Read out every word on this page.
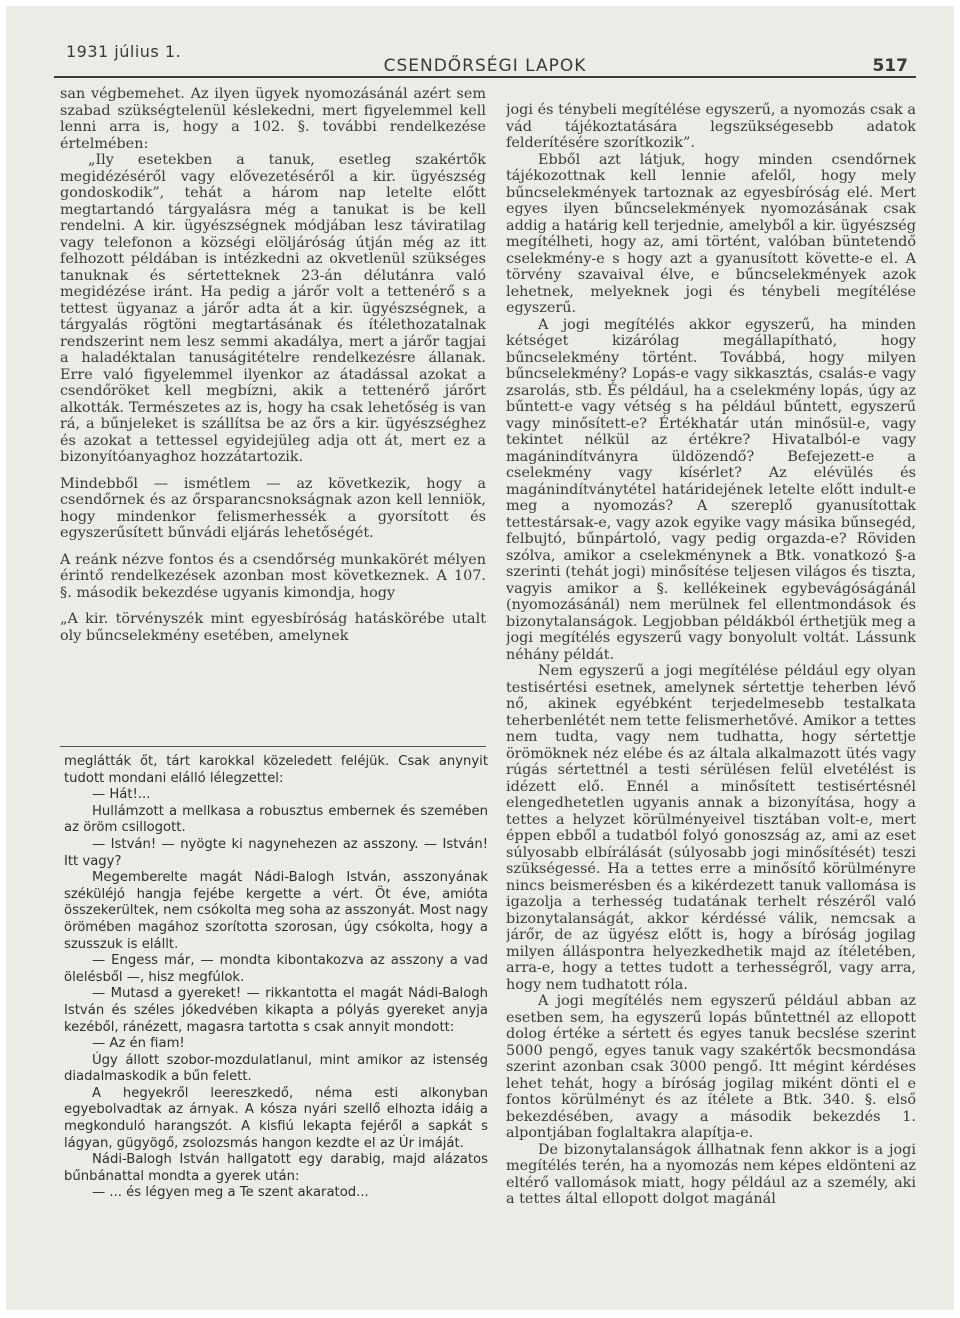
1931 július 1.
CSENDŐRSÉGI LAPOK	517

san végbemehet. Az ilyen ügyek nyomozásánál azért sem szabad szükségtelenül késlekedni, mert figyelemmel kell lenni arra is, hogy a 102. §. további rendelkezése értelmében:

„Ily esetekben a tanuk, esetleg szakértők megidézéséről vagy elővezetéséről a kir. ügyészség gondoskodik”, tehát a három nap letelte előtt megtartandó tárgyalásra még a tanukat is be kell rendelni. A kir. ügyészségnek módjában lesz táviratilag vagy telefonon a községi elöljáróság útján még az itt felhozott példában is intézkedni az okvetlenül szükséges tanuknak és sértetteknek 23-án délutánra való megidézése iránt. Ha pedig a járőr volt a tettenérő s a tettest ügyanaz a járőr adta át a kir. ügyészségnek, a tárgyalás rögtöni megtartásának és ítélethozatalnak rendszerint nem lesz semmi akadálya, mert a járőr tagjai a haladéktalan tanuságitételre rendelkezésre állanak. Erre való figyelemmel ilyenkor az átadással azokat a csendőröket kell megbízni, akik a tettenérő járőrt alkották. Természetes az is, hogy ha csak lehetőség is van rá, a bűnjeleket is szállítsa be az őrs a kir. ügyészséghez és azokat a tettessel egyidejüleg adja ott át, mert ez a bizonyítóanyaghoz hozzátartozik.

Mindebből — ismétlem — az következik, hogy a csendőrnek és az őrsparancsnokságnak azon kell lenniök, hogy mindenkor felismerhessék a gyorsított és egyszerűsített bűnvádi eljárás lehetőségét.

A reánk nézve fontos és a csendőrség munkakörét mélyen érintő rendelkezések azonban most következnek. A 107. §. második bekezdése ugyanis kimondja, hogy

„A kir. törvényszék mint egyesbíróság hatáskörébe utalt oly bűncselekmény esetében, amelynek

meglátták őt, tárt karokkal közeledett feléjük. Csak anynyit tudott mondani elálló lélegzettel:

— Hát!...

Hullámzott a mellkasa a robusztus embernek és szemében az öröm csillogott.

— István! — nyögte ki nagynehezen az asszony. — István! Itt vagy?

Megemberelte magát Nádi-Balogh István, asszonyának széküléjó hangja fejébe kergette a vért. Öt éve, amióta összekerültek, nem csókolta meg soha az asszonyát. Most nagy örömében magához szorította szorosan, úgy csókolta, hogy a szusszuk is elállt.

— Engess már, — mondta kibontakozva az asszony a vad ölelésből —, hisz megfúlok.

— Mutasd a gyereket! — rikkantotta el magát Nádi-Balogh István és széles jókedvében kikapta a pólyás gyereket anyja kezéből, ránézett, magasra tartotta s csak annyit mondott:

— Az én fiam!

Úgy állott szobor-mozdulatlanul, mint amikor az istenség diadalmaskodik a bűn felett.

A hegyekről leereszkedő, néma esti alkonyban egyebolvadtak az árnyak. A kósza nyári szellő elhozta idáig a megkonduló harangszót. A kisfiú lekapta fejéről a sapkát s lágyan, gügyögő, zsolozsmás hangon kezdte el az Úr imáját.

Nádi-Balogh István hallgatott egy darabig, majd alázatos bűnbánattal mondta a gyerek után:

— ... és légyen meg a Te szent akaratod...

jogi és ténybeli megítélése egyszerű, a nyomozás csak a vád tájékoztatására legszükségesebb adatok felderítésére szorítkozik”.

Ebből azt látjuk, hogy minden csendőrnek tájékozottnak kell lennie afelől, hogy mely bűncselekmények tartoznak az egyesbíróság elé. Mert egyes ilyen bűncselekmények nyomozásának csak addig a határig kell terjednie, amelyből a kir. ügyészség megítélheti, hogy az, ami történt, valóban büntetendő cselekmény-e s hogy azt a gyanusított követte-e el. A törvény szavaival élve, e bűncselekmények azok lehetnek, melyeknek jogi és ténybeli megítélése egyszerű.

A jogi megítélés akkor egyszerű, ha minden kétséget kizárólag megállapítható, hogy bűncselekmény történt. Továbbá, hogy milyen bűncselekmény? Lopás-e vagy sikkasztás, csalás-e vagy zsarolás, stb. És például, ha a cselekmény lopás, úgy az bűntett-e vagy vétség s ha például bűntett, egyszerű vagy minősített-e? Értékhatár után minősül-e, vagy tekintet nélkül az értékre? Hivatalból-e vagy magánindítványra üldözendő? Befejezett-e a cselekmény vagy kísérlet? Az elévülés és magánindítványtétel határidejének letelte előtt indult-e meg a nyomozás? A szereplő gyanusítottak tettestársak-e, vagy azok egyike vagy másika bűnsegéd, felbujtó, bűnpártoló, vagy pedig orgazda-e? Röviden szólva, amikor a cselekménynek a Btk. vonatkozó §-a szerinti (tehát jogi) minősítése teljesen világos és tiszta, vagyis amikor a §. kellékeinek egybevágóságánál (nyomozásánál) nem merülnek fel ellentmondások és bizonytalanságok. Legjobban példákból érthetjük meg a jogi megítélés egyszerű vagy bonyolult voltát. Lássunk néhány példát.

Nem egyszerű a jogi megítélése például egy olyan testisértési esetnek, amelynek sértettje teherben lévő nő, akinek egyébként terjedelmesebb testalkata teherbenlétét nem tette felismerhetővé. Amikor a tettes nem tudta, vagy nem tudhatta, hogy sértettje örömöknek néz elébe és az általa alkalmazott ütés vagy rúgás sértettnél a testi sérülésen felül elvetélést is idézett elő. Ennél a minősített testisértésnél elengedhetetlen ugyanis annak a bizonyítása, hogy a tettes a helyzet körülményeivel tisztában volt-e, mert éppen ebből a tudatból folyó gonoszság az, ami az eset súlyosabb elbírálását (súlyosabb jogi minősítését) teszi szükségessé. Ha a tettes erre a minősítő körülményre nincs beismerésben és a kikérdezett tanuk vallomása is igazolja a terhesség tudatának terhelt részéről való bizonytalanságát, akkor kérdéssé válik, nemcsak a járőr, de az ügyész előtt is, hogy a bíróság jogilag milyen álláspontra helyezkedhetik majd az ítéletében, arra-e, hogy a tettes tudott a terhességről, vagy arra, hogy nem tudhatott róla.

A jogi megítélés nem egyszerű például abban az esetben sem, ha egyszerű lopás bűntettnél az ellopott dolog értéke a sértett és egyes tanuk becslése szerint 5000 pengő, egyes tanuk vagy szakértők becsmondása szerint azonban csak 3000 pengő. Itt mégint kérdéses lehet tehát, hogy a bíróság jogilag miként dönti el e fontos körülményt és az ítélete a Btk. 340. §. első bekezdésében, avagy a második bekezdés 1. alpontjában foglaltakra alapítja-e.

De bizonytalanságok állhatnak fenn akkor is a jogi megítélés terén, ha a nyomozás nem képes eldönteni az eltérő vallomások miatt, hogy például az a személy, aki a tettes által ellopott dolgot magánál
